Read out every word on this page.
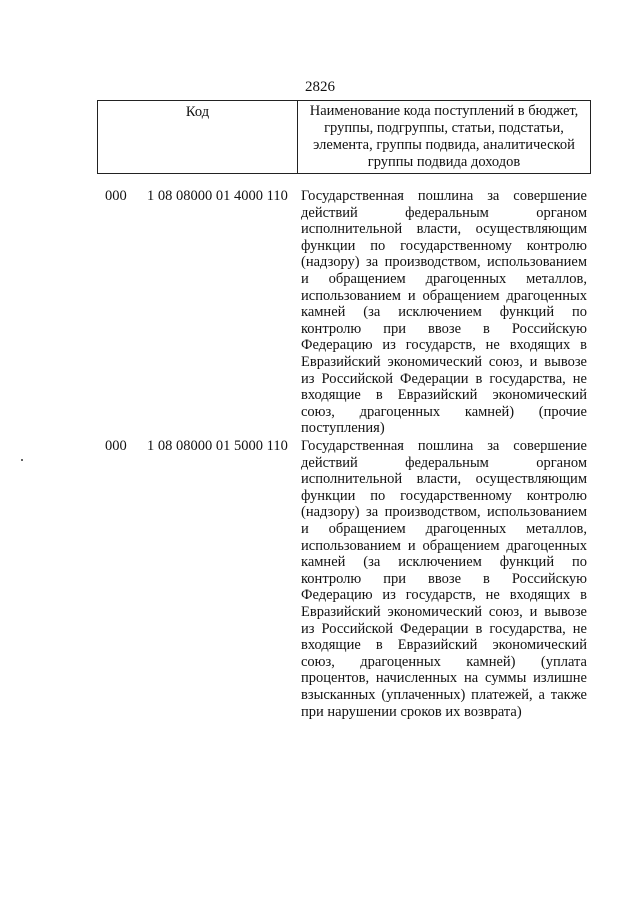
2826
Код	Наименование кода поступлений в бюджет, группы, подгруппы, статьи, подстатьи, элемента, группы подвида, аналитической группы подвида доходов
000 1 08 08000 01 4000 110 Государственная пошлина за совершение
действий федеральным органом
исполнительной власти, осуществляющим
функции по государственному контролю
(надзору) за производством, использованием
и обращением драгоценных металлов,
использованием и обращением драгоценных
камней (за исключением функций по
контролю при ввозе в Российскую
Федерацию из государств, не входящих в
Евразийский экономический союз, и вывозе
из Российской Федерации в государства, не
входящие в Евразийский экономический
союз, драгоценных камней) (прочие
поступления)
000 1 08 08000 01 5000 110 Государственная пошлина за совершение
действий федеральным органом
исполнительной власти, осуществляющим
функции по государственному контролю
(надзору) за производством, использованием
и обращением драгоценных металлов,
использованием и обращением драгоценных
камней (за исключением функций по
контролю при ввозе в Российскую
Федерацию из государств, не входящих в
Евразийский экономический союз, и вывозе
из Российской Федерации в государства, не
входящие в Евразийский экономический
союз, драгоценных камней) (уплата
процентов, начисленных на суммы излишне
взысканных (уплаченных) платежей, а также
при нарушении сроков их возврата)
